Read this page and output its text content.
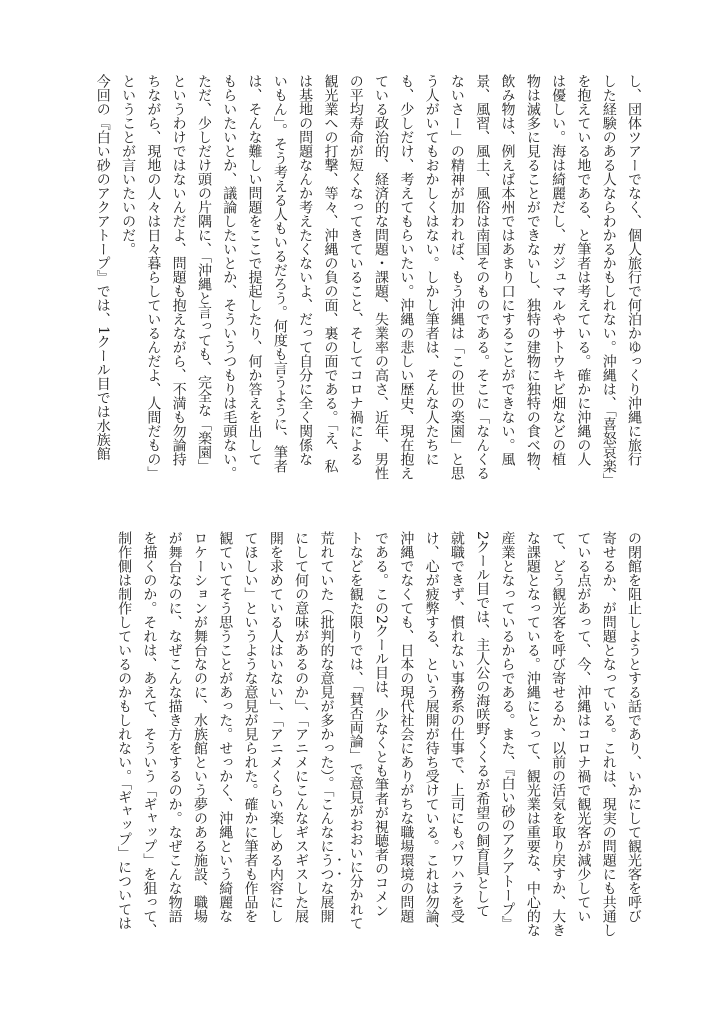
し、団体ツアーでなく、個人旅行で何泊かゆっくり沖縄に旅行

した経験のある人ならわかるかもしれない。沖縄は、「喜怒哀楽」

を抱えている地である、と筆者は考えている。確かに沖縄の人

は優しい。海は綺麗だし、ガジュマルやサトウキビ畑などの植

物は滅多に見ることができないし、独特の建物に独特の食べ物、

飲み物は、例えば本州ではあまり口にすることができない。風

景、風習、風土、風俗は南国そのものである。そこに「なんくる

ないさー」の精神が加われば、もう沖縄は「この世の楽園」と思

う人がいてもおかしくはない。しかし筆者は、そんな人たちに

も、少しだけ、考えてもらいたい。沖縄の悲しい歴史、現在抱え

ている政治的、経済的な問題・課題、失業率の高さ、近年、男性

の平均寿命が短くなってきていること、そしてコロナ禍による

観光業への打撃、等々、沖縄の負の面、裏の面である。「え、私

は基地の問題なんか考えたくないよ、だって自分に全く関係な

いもん」。そう考える人もいるだろう。何度も言うように、筆者

は、そんな難しい問題をここで提起したり、何か答えを出して

もらいたいとか、議論したいとか、そういうつもりは毛頭ない。

ただ、少しだけ頭の片隅に、「沖縄と言っても、完全な「楽園」

というわけではないんだよ、問題も抱えながら、不満も勿論持

ちながら、現地の人々は日々暮らしているんだよ、人間だもの」

ということが言いたいのだ。

今回の『白い砂のアクアトープ』では、1クール目では水族館

の閉館を阻止しようとする話であり、いかにして観光客を呼び

寄せるか、が問題となっている。これは、現実の問題にも共通し

ている点があって、今、沖縄はコロナ禍で観光客が減少してい

て、どう観光客を呼び寄せるか、以前の活気を取り戻すか、大き

な課題となっている。沖縄にとって、観光業は重要な、中心的な

産業となっているからである。また、『白い砂のアクアトープ』

2クール目では、主人公の海咲野くくるが希望の飼育員として

就職できず、慣れない事務系の仕事で、上司にもパワハラを受

け、心が疲弊する、という展開が待ち受けている。これは勿論、

沖縄でなくても、日本の現代社会にありがちな職場環境の問題

である。この2クール目は、少なくとも筆者が視聴者のコメン

トなどを観た限りでは、「賛否両論」で意見がおおいに分かれて

荒れていた（批判的な意見が多かった）。「こんなにうつな展開

にして何の意味があるのか」、「アニメにこんなギスギスした展

開を求めている人はいない」、「アニメくらい楽しめる内容にし

てほしい」というような意見が見られた。確かに筆者も作品を

観ていてそう思うことがあった。せっかく、沖縄という綺麗な

ロケーションが舞台なのに、水族館という夢のある施設、職場

が舞台なのに、なぜこんな描き方をするのか。なぜこんな物語

を描くのか。それは、あえて、そういう「ギャップ」を狙って、

制作側は制作しているのかもしれない。「ギャップ」については
